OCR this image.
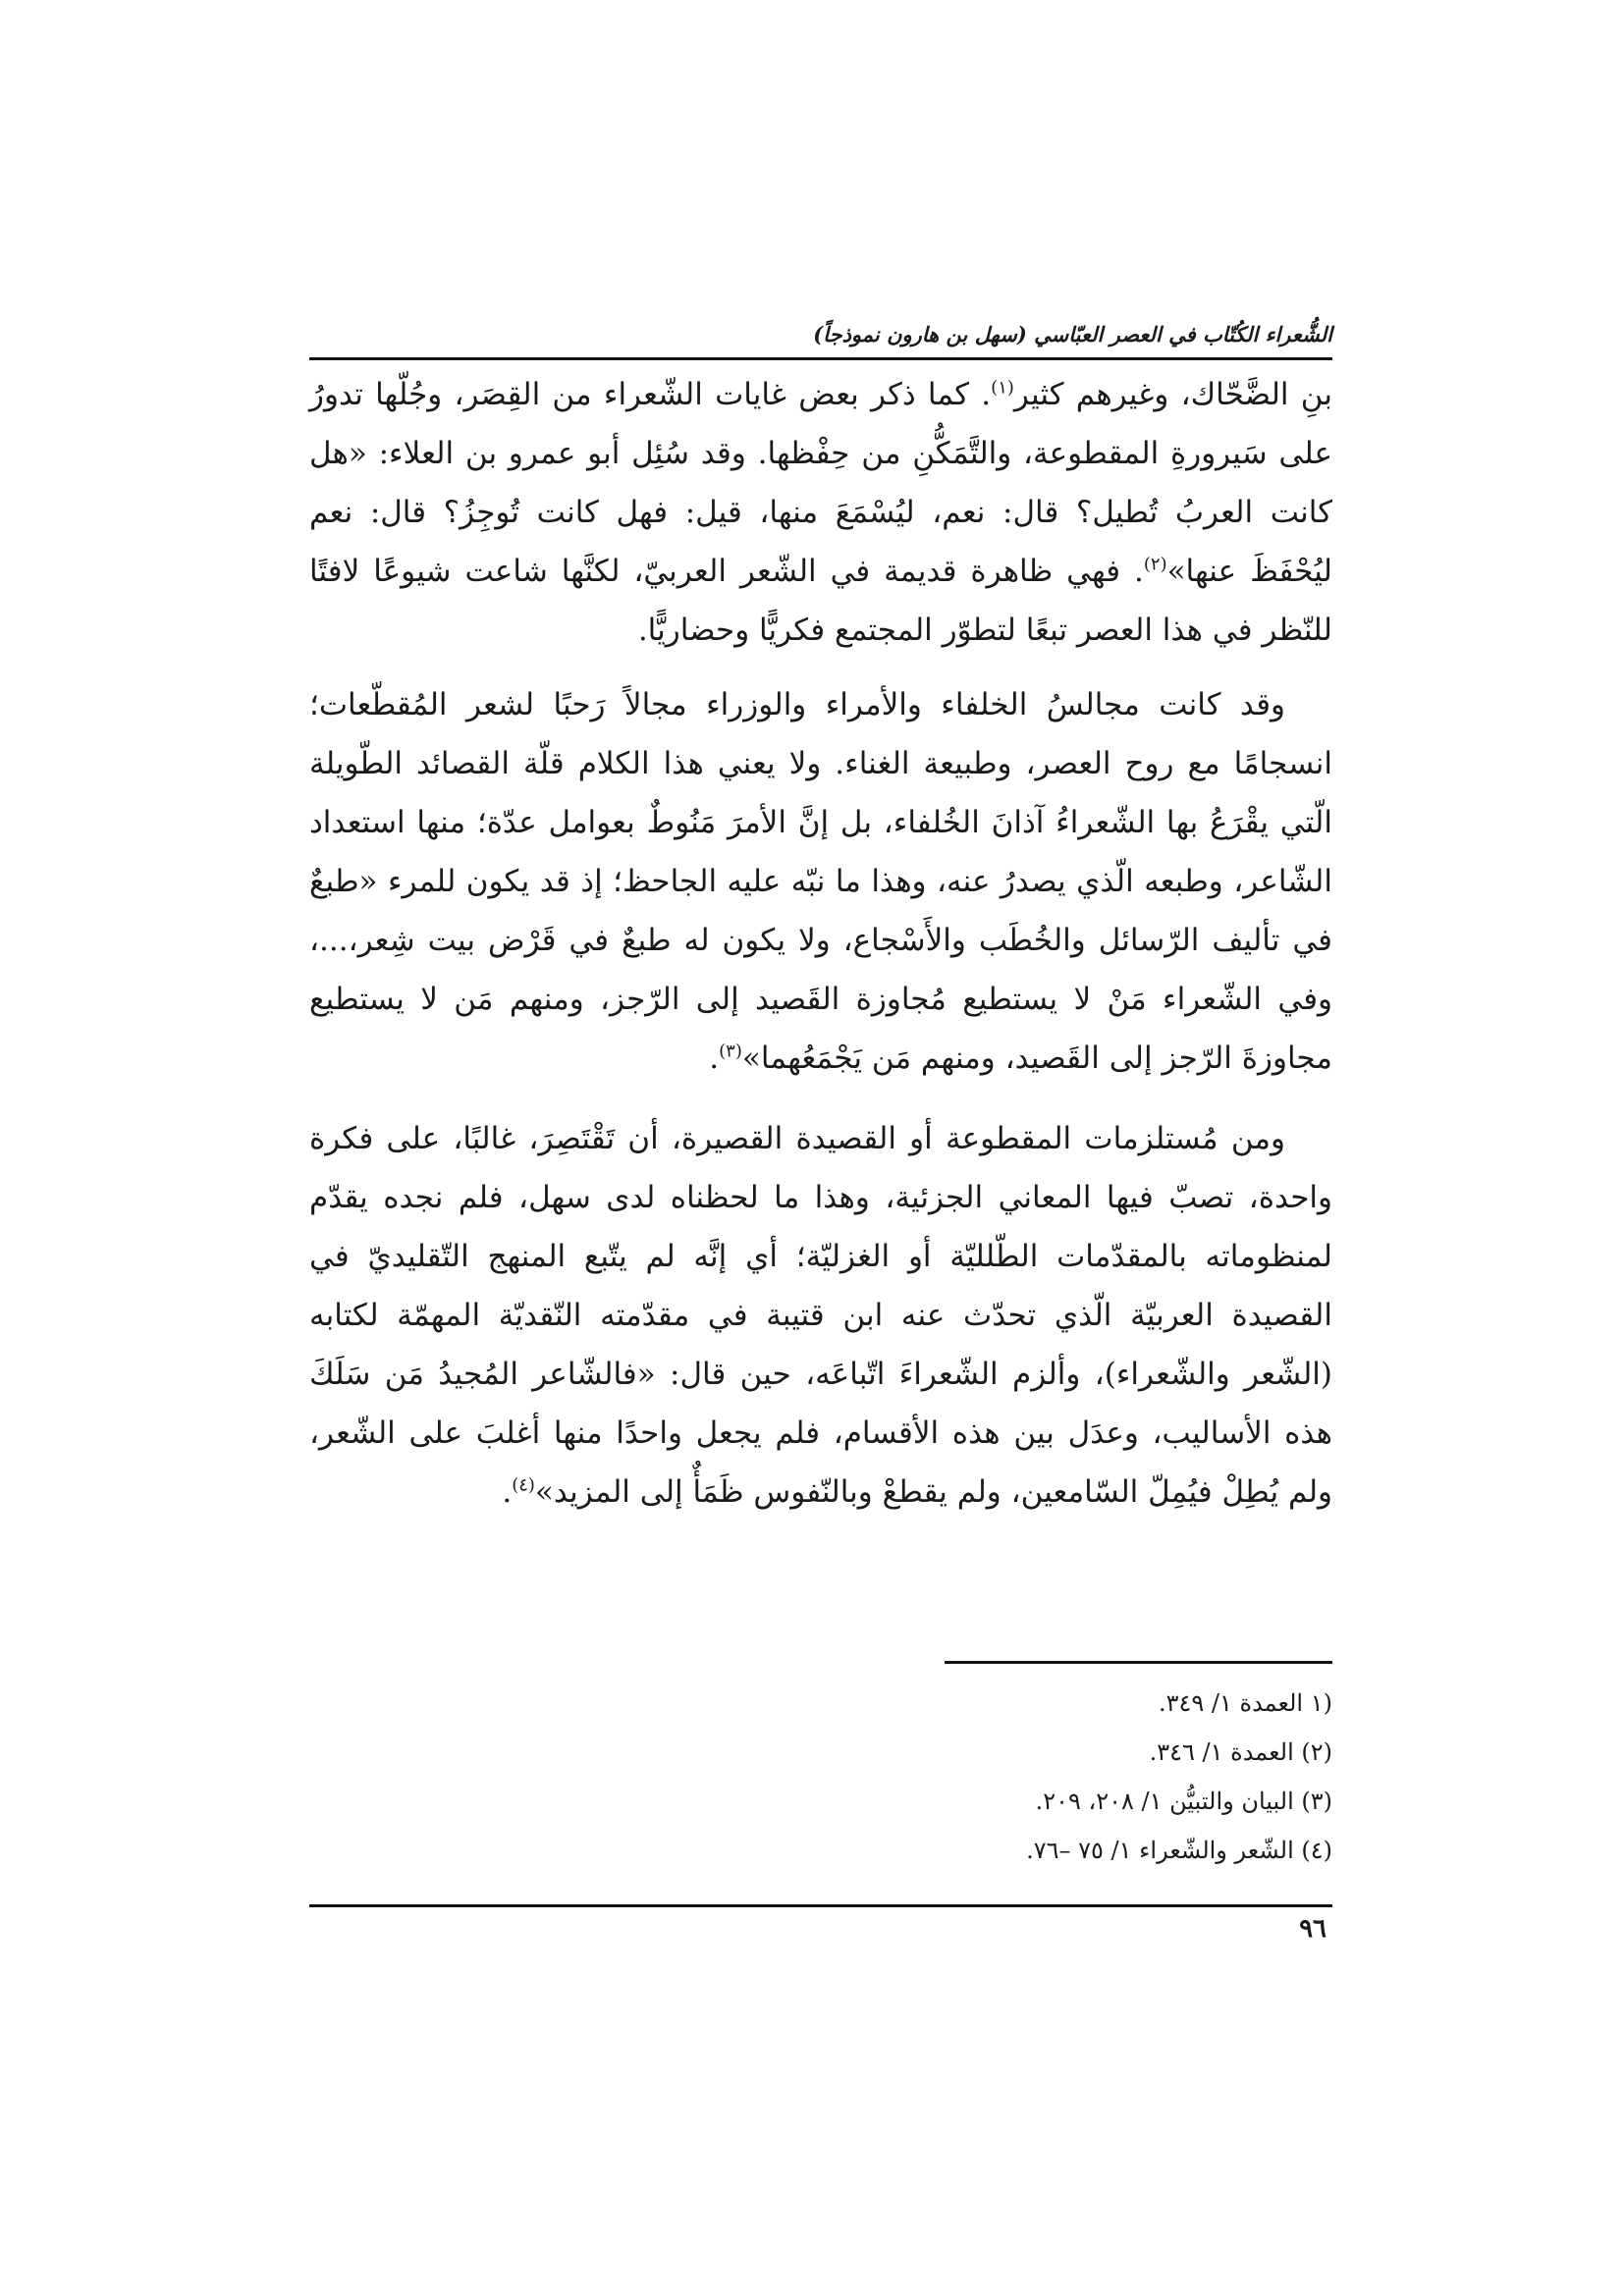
الشُّعراء الكُتّاب في العصر العبّاسي (سهل بن هارون نموذجاً)

بنِ الضَّحّاك، وغيرهم كثير$^{(١)}$. كما ذكر بعض غايات الشّعراء من القِصَر، وجُلّها تدورُ على سَيرورةِ المقطوعة، والتَّمَكُّنِ من حِفْظها. وقد سُئِل أبو عمرو بن العلاء: «هل كانت العربُ تُطيل؟ قال: نعم، ليُسْمَعَ منها، قيل: فهل كانت تُوجِزُ؟ قال: نعم ليُحْفَظَ عنها»$^{(٢)}$. فهي ظاهرة قديمة في الشّعر العربيّ، لكنَّها شاعت شيوعًا لافتًا للنّظر في هذا العصر تبعًا لتطوّر المجتمع فكريًّا وحضاريًّا.

وقد كانت مجالسُ الخلفاء والأمراء والوزراء مجالاً رَحبًا لشعر المُقطّعات؛ انسجامًا مع روح العصر، وطبيعة الغناء. ولا يعني هذا الكلام قلّة القصائد الطّويلة الّتي يقْرَعُ بها الشّعراءُ آذانَ الخُلفاء، بل إنَّ الأمرَ مَنُوطٌ بعوامل عدّة؛ منها استعداد الشّاعر، وطبعه الّذي يصدرُ عنه، وهذا ما نبّه عليه الجاحظ؛ إذ قد يكون للمرء «طبعٌ في تأليف الرّسائل والخُطَب والأَسْجاع، ولا يكون له طبعٌ في قَرْض بيت شِعر،...، وفي الشّعراء مَنْ لا يستطيع مُجاوزة القَصيد إلى الرّجز، ومنهم مَن لا يستطيع مجاوزةَ الرّجز إلى القَصيد، ومنهم مَن يَجْمَعُهما»$^{(٣)}$.

ومن مُستلزمات المقطوعة أو القصيدة القصيرة، أن تَقْتَصِرَ، غالبًا، على فكرة واحدة، تصبّ فيها المعاني الجزئية، وهذا ما لحظناه لدى سهل، فلم نجده يقدّم لمنظوماته بالمقدّمات الطّلليّة أو الغزليّة؛ أي إنَّه لم يتّبع المنهج التّقليديّ في القصيدة العربيّة الّذي تحدّث عنه ابن قتيبة في مقدّمته النّقديّة المهمّة لكتابه (الشّعر والشّعراء)، وألزم الشّعراءَ اتّباعَه، حين قال: «فالشّاعر المُجيدُ مَن سَلَكَ هذه الأساليب، وعدَل بين هذه الأقسام، فلم يجعل واحدًا منها أغلبَ على الشّعر، ولم يُطِلْ فيُمِلّ السّامعين، ولم يقطعْ وبالنّفوس ظَمَأٌ إلى المزيد»$^{(٤)}$.

(١ العمدة ١/ ٣٤٩.
(٢) العمدة ١/ ٣٤٦.
(٣) البيان والتبيُّن ١/ ٢٠٨، ٢٠٩.
(٤) الشّعر والشّعراء ١/ ٧٥ –٧٦.
٩٦
